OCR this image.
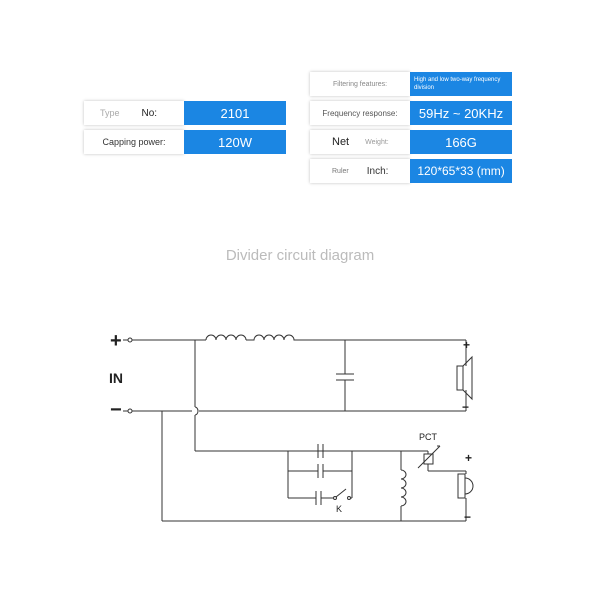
Type No:	2101
Capping power:	120W
Filtering features:
High and low two-way frequency division
Frequency response:	59Hz ~ 20KHz
Net Weight:	166G
Ruler Inch:	120*65*33 (mm)
Divider circuit diagram
+
IN
−
+
−
+
−
PCT
K
